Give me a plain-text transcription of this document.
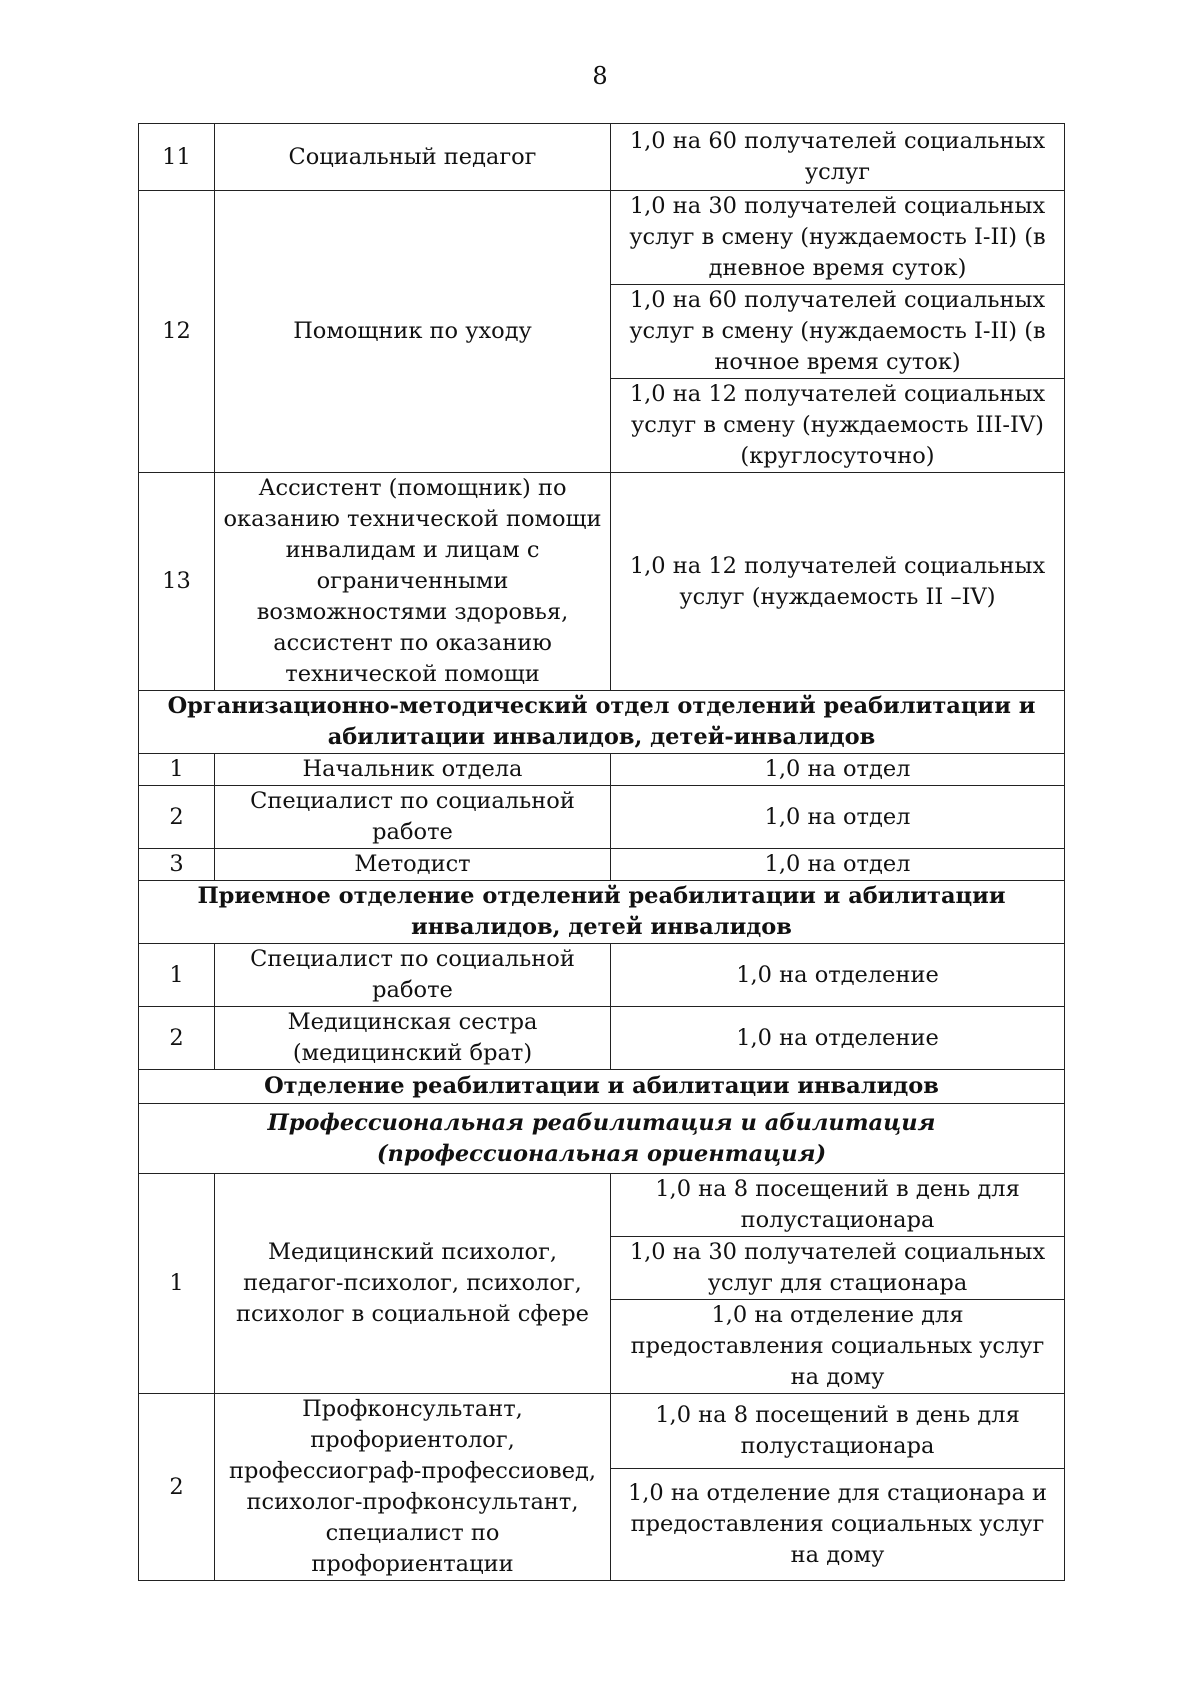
8
11	Социальный педагог	1,0 на 60 получателей социальных услуг
12	Помощник по уходу	1,0 на 30 получателей социальных услуг в смену (нуждаемость I-II) (в дневное время суток)
		1,0 на 60 получателей социальных услуг в смену (нуждаемость I-II) (в ночное время суток)
		1,0 на 12 получателей социальных услуг в смену (нуждаемость III-IV) (круглосуточно)
13	Ассистент (помощник) по оказанию технической помощи инвалидам и лицам с ограниченными возможностями здоровья, ассистент по оказанию технической помощи	1,0 на 12 получателей социальных услуг (нуждаемость II –IV)
Организационно-методический отдел отделений реабилитации и абилитации инвалидов, детей-инвалидов		
1	Начальник отдела	1,0 на отдел
2	Специалист по социальной работе	1,0 на отдел
3	Методист	1,0 на отдел
Приемное отделение отделений реабилитации и абилитации инвалидов, детей инвалидов		
1	Специалист по социальной работе	1,0 на отделение
2	Медицинская сестра (медицинский брат)	1,0 на отделение
Отделение реабилитации и абилитации инвалидов		
Профессиональная реабилитация и абилитация (профессиональная ориентация)		
1	Медицинский психолог, педагог-психолог, психолог, психолог в социальной сфере	1,0 на 8 посещений в день для полустационара
		1,0 на 30 получателей социальных услуг для стационара
		1,0 на отделение для предоставления социальных услуг на дому
2	Профконсультант, профориентолог, профессиограф-профессиовед, психолог-профконсультант, специалист по профориентации	1,0 на 8 посещений в день для полустационара
		1,0 на отделение для стационара и предоставления социальных услуг на дому
